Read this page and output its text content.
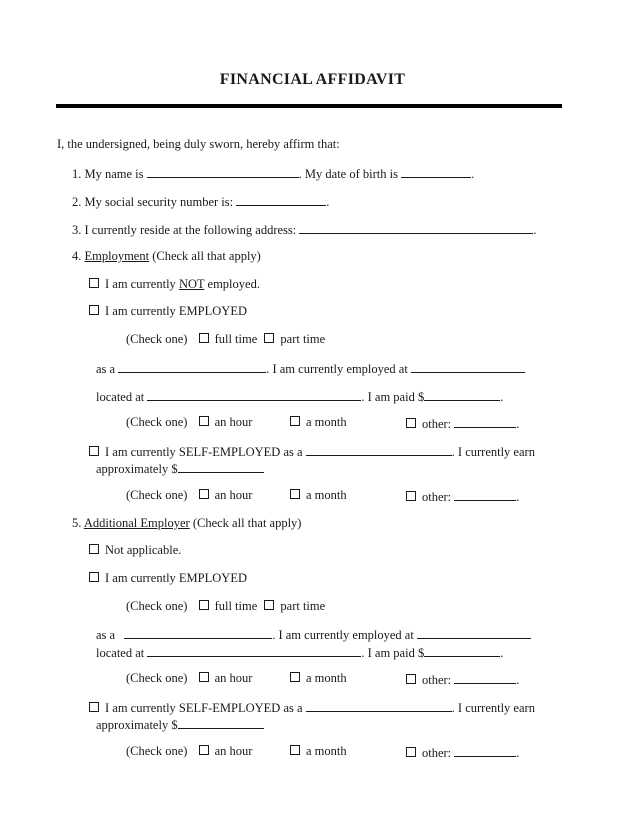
FINANCIAL AFFIDAVIT
I, the undersigned, being duly sworn, hereby affirm that:
1. My name is	. My date of birth is	.
2. My social security number is:	.
3. I currently reside at the following address:	.
4. Employment (Check all that apply)
I am currently NOT employed.
I am currently EMPLOYED
(Check one) full time part time
as a	. I am currently employed at
located at	. I am paid $	.
(Check one) an hour	a month	other:	.
I am currently SELF-EMPLOYED as a	. I currently earn
approximately $
(Check one) an hour	a month	other:	.
5. Additional Employer (Check all that apply)
Not applicable.
I am currently EMPLOYED
(Check one) full time part time
as a	. I am currently employed at
located at	. I am paid $	.
(Check one) an hour	a month	other:	.
I am currently SELF-EMPLOYED as a	. I currently earn
approximately $
(Check one) an hour	a month	other:	.
